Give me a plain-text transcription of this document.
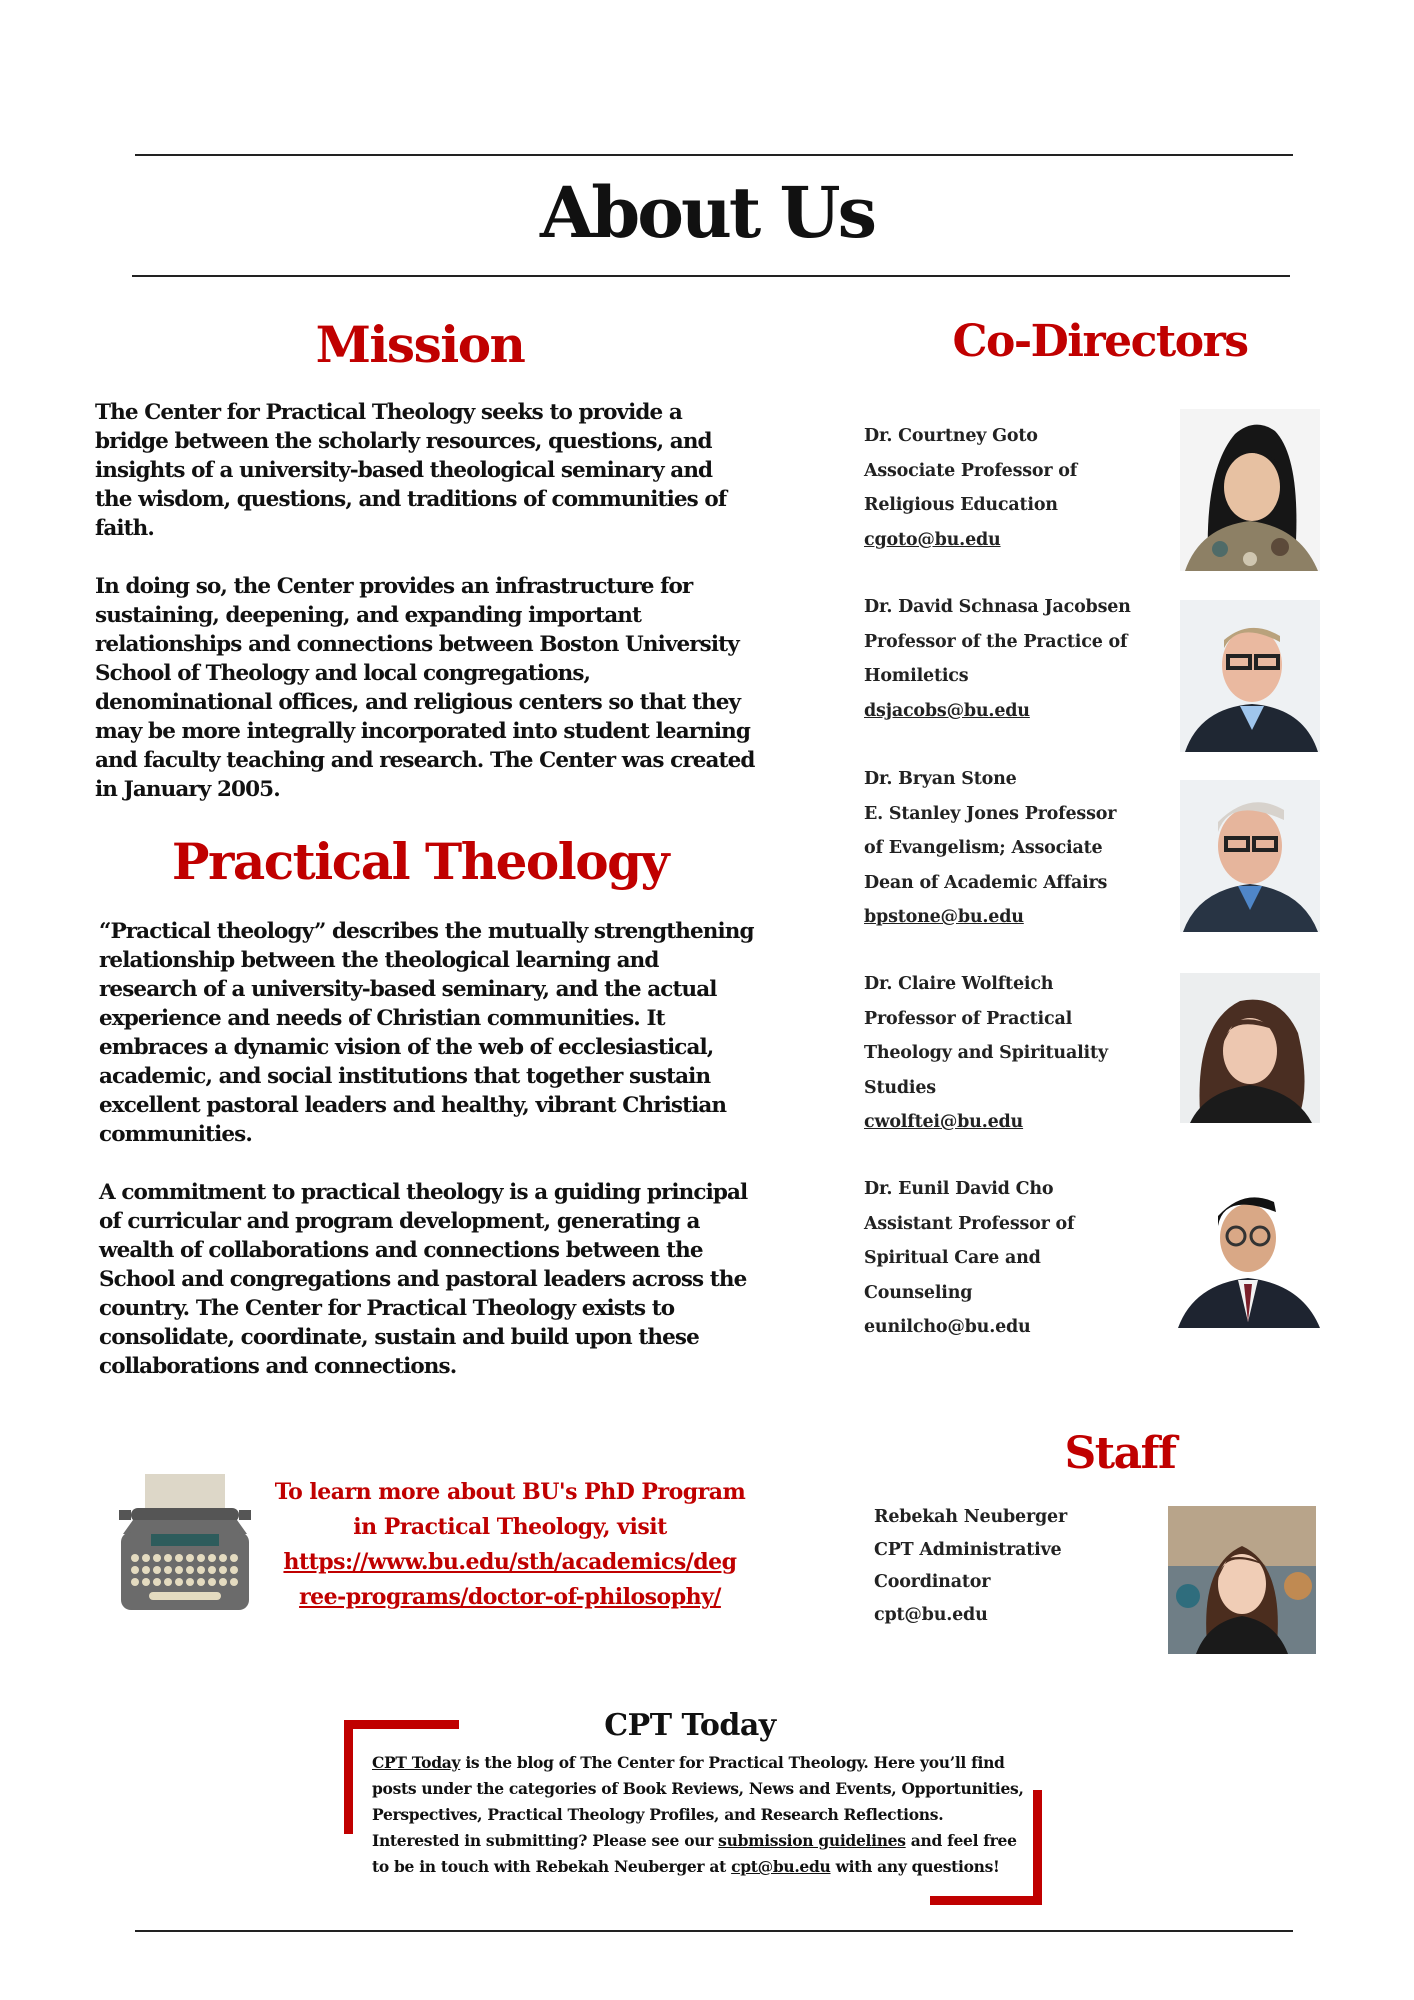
About Us
Mission

The Center for Practical Theology seeks to provide a bridge between the scholarly resources, questions, and insights of a university-based theological seminary and the wisdom, questions, and traditions of communities of faith.

In doing so, the Center provides an infrastructure for sustaining, deepening, and expanding important relationships and connections between Boston University School of Theology and local congregations, denominational offices, and religious centers so that they may be more integrally incorporated into student learning and faculty teaching and research. The Center was created in January 2005.

Practical Theology

“Practical theology” describes the mutually strengthening relationship between the theological learning and research of a university-based seminary, and the actual experience and needs of Christian communities. It embraces a dynamic vision of the web of ecclesiastical, academic, and social institutions that together sustain excellent pastoral leaders and healthy, vibrant Christian communities.

A commitment to practical theology is a guiding principal of curricular and program development, generating a wealth of collaborations and connections between the School and congregations and pastoral leaders across the country. The Center for Practical Theology exists to consolidate, coordinate, sustain and build upon these collaborations and connections.

Co-Directors
Dr. Courtney Goto
Associate Professor of
Religious Education
cgoto@bu.edu
Dr. David Schnasa Jacobsen
Professor of the Practice of
Homiletics
dsjacobs@bu.edu
Dr. Bryan Stone
E. Stanley Jones Professor
of Evangelism; Associate
Dean of Academic Affairs
bpstone@bu.edu
Dr. Claire Wolfteich
Professor of Practical
Theology and Spirituality
Studies
cwolftei@bu.edu
Dr. Eunil David Cho
Assistant Professor of
Spiritual Care and
Counseling
eunilcho@bu.edu
Staff
Rebekah Neuberger
CPT Administrative
Coordinator
cpt@bu.edu
To learn more about BU's PhD Program
in Practical Theology, visit
https://www.bu.edu/sth/academics/deg
ree-programs/doctor-of-philosophy/
CPT Today
CPT Today is the blog of The Center for Practical Theology. Here you’ll find posts under the categories of Book Reviews, News and Events, Opportunities, Perspectives, Practical Theology Profiles, and Research Reflections. Interested in submitting? Please see our submission guidelines and feel free to be in touch with Rebekah Neuberger at cpt@bu.edu with any questions!
